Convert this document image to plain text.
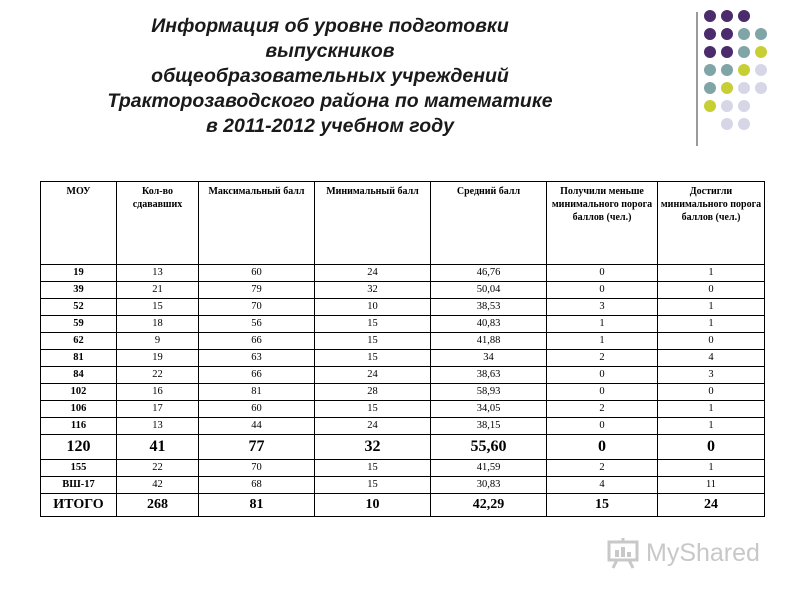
Информация об уровне подготовки
выпускников
общеобразовательных учреждений
Тракторозаводского района по математике
в 2011-2012 учебном году
МОУ	Кол-во сдававших	Максимальный балл	Минимальный балл	Средний балл	Получили меньше минимального порога баллов (чел.)	Достигли минимального порога баллов (чел.)
19	13	60	24	46,76	0	1
39	21	79	32	50,04	0	0
52	15	70	10	38,53	3	1
59	18	56	15	40,83	1	1
62	9	66	15	41,88	1	0
81	19	63	15	34	2	4
84	22	66	24	38,63	0	3
102	16	81	28	58,93	0	0
106	17	60	15	34,05	2	1
116	13	44	24	38,15	0	1
120	41	77	32	55,60	0	0
155	22	70	15	41,59	2	1
ВШ-17	42	68	15	30,83	4	11
ИТОГО	268	81	10	42,29	15	24
MyShared
